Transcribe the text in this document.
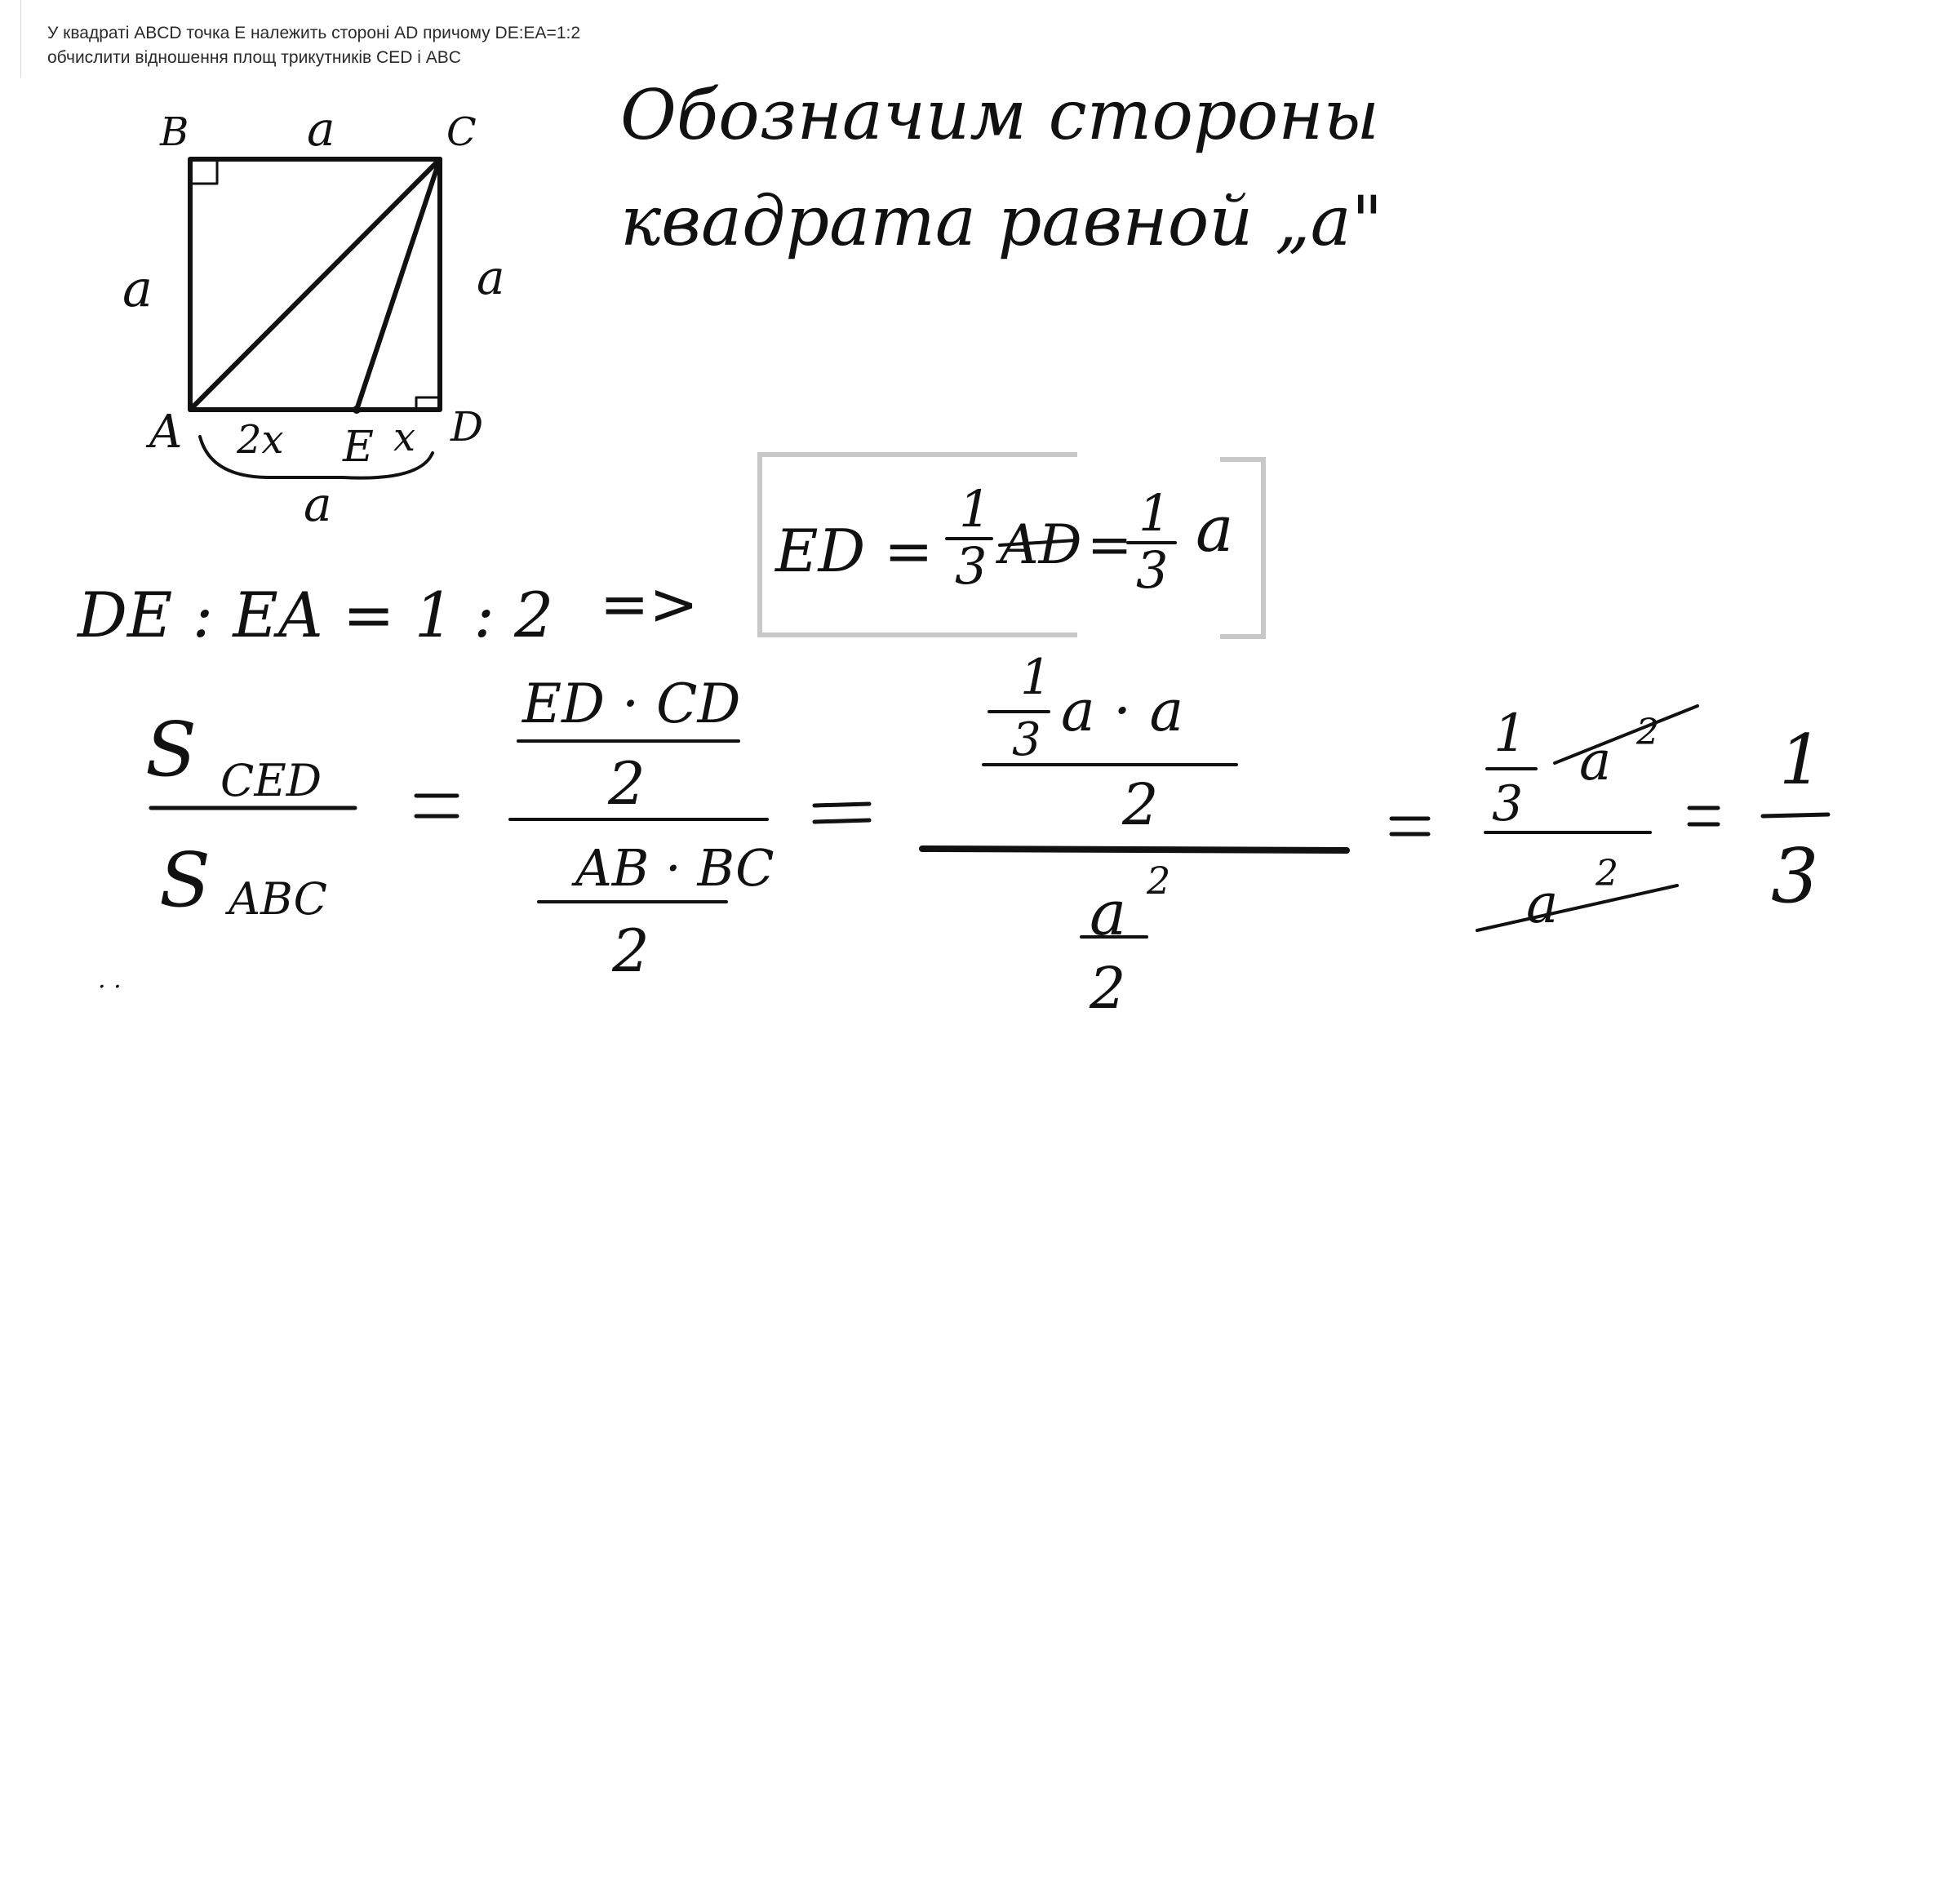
У квадраті ABCD точка E належить стороні AD причому DE:EA=1:2
обчислити відношення площ трикутників CED і ABC
B	C
A	D
E
a
a	a
2x	x
a
Обозначим стороны
квадрата равной „a"
DE : EA = 1 : 2 =>
ED =
1
3 AD =
1
3
a
S CED
S ABC
. .
ED · CD
2
AB · BC
2
1
3 a · a
2
a 2
2
1
3
a 2
a 2
1
3
